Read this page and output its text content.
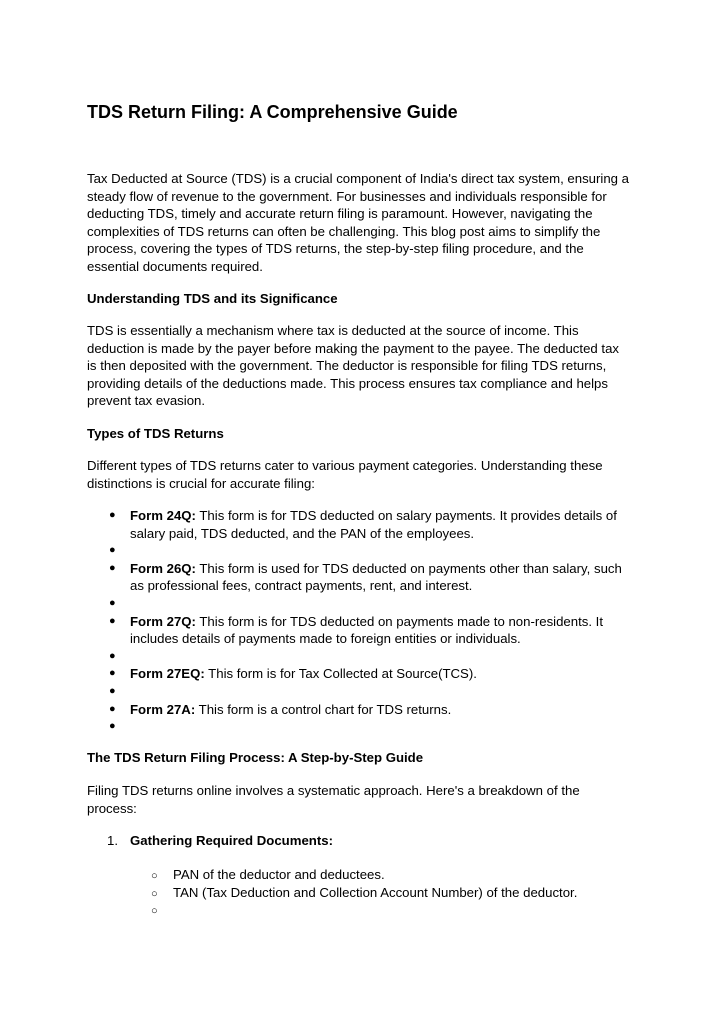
TDS Return Filing: A Comprehensive Guide

Tax Deducted at Source (TDS) is a crucial component of India's direct tax system, ensuring a steady flow of revenue to the government. For businesses and individuals responsible for deducting TDS, timely and accurate return filing is paramount. However, navigating the complexities of TDS returns can often be challenging. This blog post aims to simplify the process, covering the types of TDS returns, the step-by-step filing procedure, and the essential documents required.

Understanding TDS and its Significance

TDS is essentially a mechanism where tax is deducted at the source of income. This deduction is made by the payer before making the payment to the payee. The deducted tax is then deposited with the government. The deductor is responsible for filing TDS returns, providing details of the deductions made. This process ensures tax compliance and helps prevent tax evasion.

Types of TDS Returns

Different types of TDS returns cater to various payment categories. Understanding these distinctions is crucial for accurate filing:

● Form 24Q: This form is for TDS deducted on salary payments. It provides details of salary paid, TDS deducted, and the PAN of the employees.
●
● Form 26Q: This form is used for TDS deducted on payments other than salary, such as professional fees, contract payments, rent, and interest.
●
● Form 27Q: This form is for TDS deducted on payments made to non-residents. It includes details of payments made to foreign entities or individuals.
●
● Form 27EQ: This form is for Tax Collected at Source(TCS).
●
● Form 27A: This form is a control chart for TDS returns.
●

The TDS Return Filing Process: A Step-by-Step Guide

Filing TDS returns online involves a systematic approach. Here's a breakdown of the process:

1. Gathering Required Documents:
○ PAN of the deductor and deductees.
○ TAN (Tax Deduction and Collection Account Number) of the deductor.
○
